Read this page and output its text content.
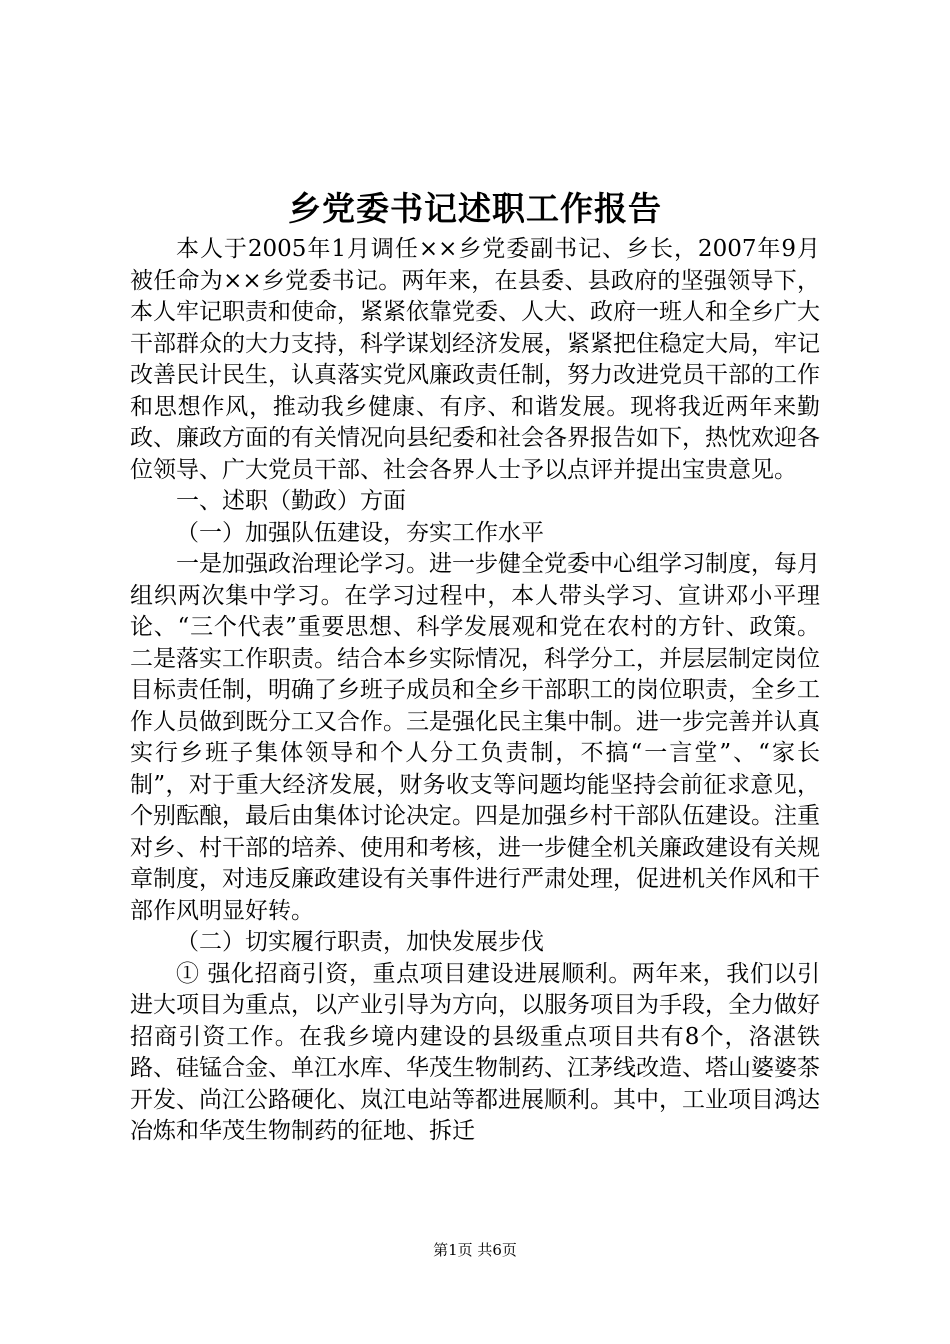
乡党委书记述职工作报告

本人于2005年1月调任××乡党委副书记、乡长，2007年9月被任命为××乡党委书记。两年来，在县委、县政府的坚强领导下，本人牢记职责和使命，紧紧依靠党委、人大、政府一班人和全乡广大干部群众的大力支持，科学谋划经济发展，紧紧把住稳定大局，牢记改善民计民生，认真落实党风廉政责任制，努力改进党员干部的工作和思想作风，推动我乡健康、有序、和谐发展。现将我近两年来勤政、廉政方面的有关情况向县纪委和社会各界报告如下，热忱欢迎各位领导、广大党员干部、社会各界人士予以点评并提出宝贵意见。

一、述职（勤政）方面

（一）加强队伍建设，夯实工作水平

一是加强政治理论学习。进一步健全党委中心组学习制度，每月组织两次集中学习。在学习过程中，本人带头学习、宣讲邓小平理论、“三个代表”重要思想、科学发展观和党在农村的方针、政策。二是落实工作职责。结合本乡实际情况，科学分工，并层层制定岗位目标责任制，明确了乡班子成员和全乡干部职工的岗位职责，全乡工作人员做到既分工又合作。三是强化民主集中制。进一步完善并认真实行乡班子集体领导和个人分工负责制，不搞“一言堂”、“家长制”，对于重大经济发展，财务收支等问题均能坚持会前征求意见，个别酝酿，最后由集体讨论决定。四是加强乡村干部队伍建设。注重对乡、村干部的培养、使用和考核，进一步健全机关廉政建设有关规章制度，对违反廉政建设有关事件进行严肃处理，促进机关作风和干部作风明显好转。

（二）切实履行职责，加快发展步伐

① 强化招商引资，重点项目建设进展顺利。两年来，我们以引进大项目为重点，以产业引导为方向，以服务项目为手段，全力做好招商引资工作。在我乡境内建设的县级重点项目共有8个，洛湛铁路、硅锰合金、单江水库、华茂生物制药、江茅线改造、塔山婆婆茶开发、尚江公路硬化、岚江电站等都进展顺利。其中，工业项目鸿达冶炼和华茂生物制药的征地、拆迁

第1页 共6页
